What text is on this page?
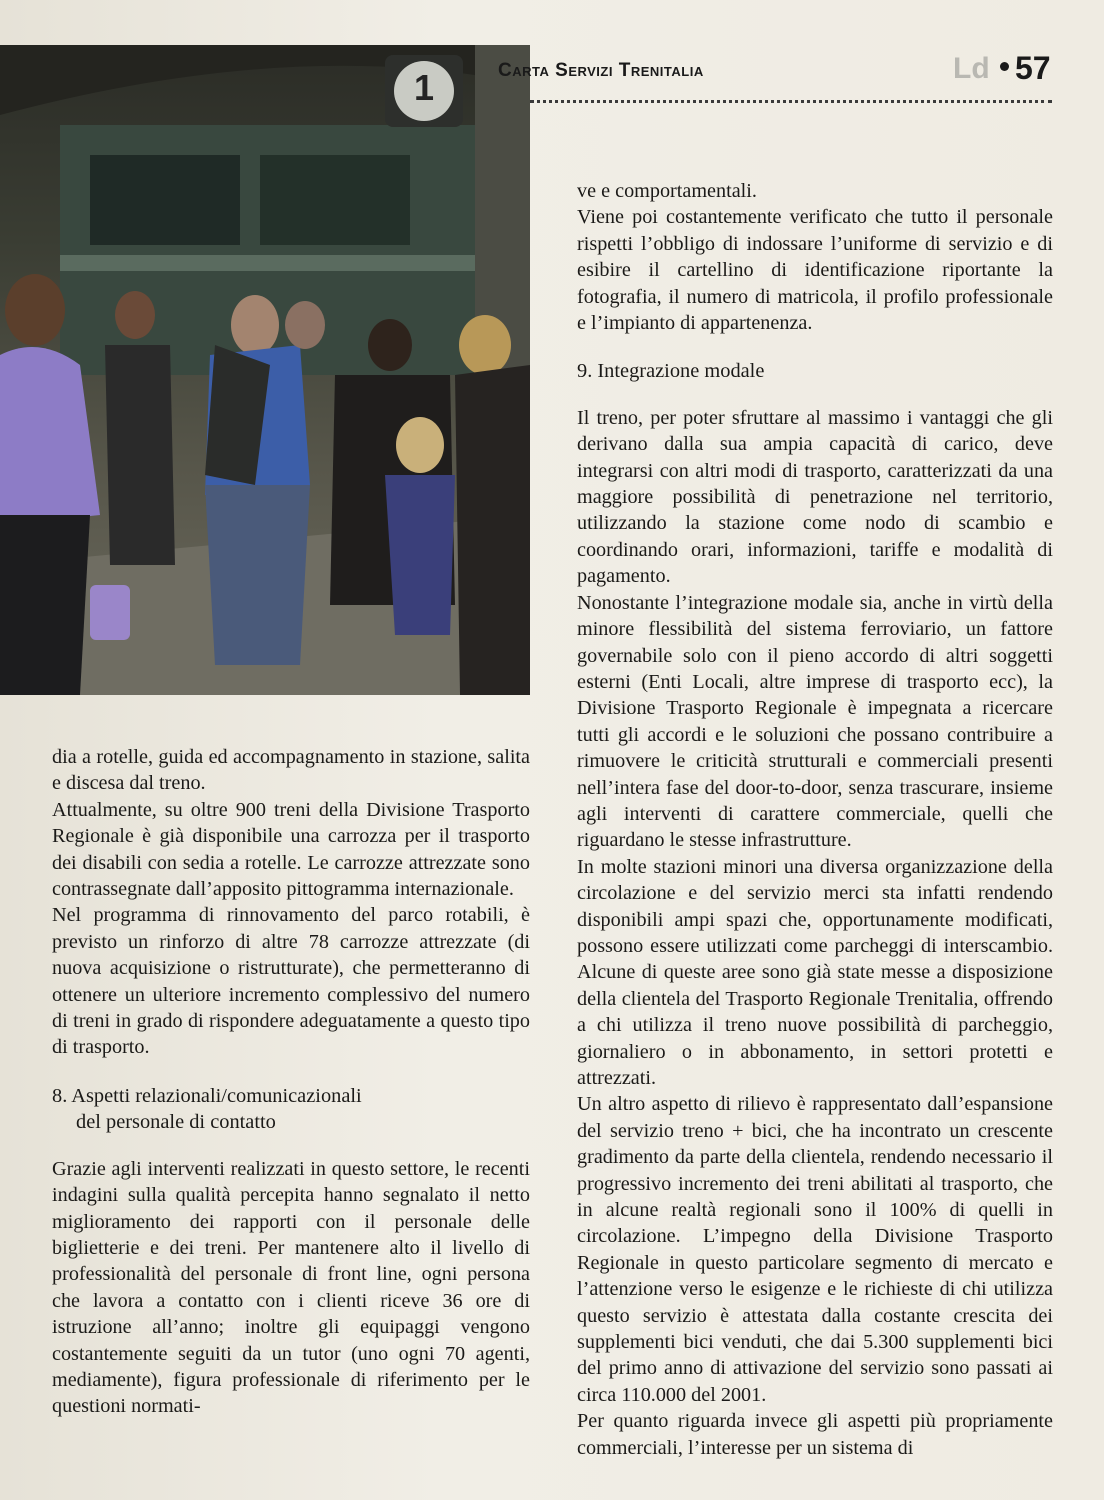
1	Carta Servizi Trenitalia	Ld 57

dia a rotelle, guida ed accompagnamento in stazione, salita e discesa dal treno.

Attualmente, su oltre 900 treni della Divisione Trasporto Regionale è già disponibile una carrozza per il trasporto dei disabili con sedia a rotelle. Le carrozze attrezzate sono contrassegnate dall’apposito pittogramma internazionale.

Nel programma di rinnovamento del parco rotabili, è previsto un rinforzo di altre 78 carrozze attrezzate (di nuova acquisizione o ristrutturate), che permetteranno di ottenere un ulteriore incremento complessivo del numero di treni in grado di rispondere adeguatamente a questo tipo di trasporto.

8. Aspetti relazionali/comunicazionali
del personale di contatto

Grazie agli interventi realizzati in questo settore, le recenti indagini sulla qualità percepita hanno segnalato il netto miglioramento dei rapporti con il personale delle biglietterie e dei treni. Per mantenere alto il livello di professionalità del personale di front line, ogni persona che lavora a contatto con i clienti riceve 36 ore di istruzione all’anno; inoltre gli equipaggi vengono costantemente seguiti da un tutor (uno ogni 70 agenti, mediamente), figura professionale di riferimento per le questioni normati-

ve e comportamentali.

Viene poi costantemente verificato che tutto il personale rispetti l’obbligo di indossare l’uniforme di servizio e di esibire il cartellino di identificazione riportante la fotografia, il numero di matricola, il profilo professionale e l’impianto di appartenenza.

9. Integrazione modale

Il treno, per poter sfruttare al massimo i vantaggi che gli derivano dalla sua ampia capacità di carico, deve integrarsi con altri modi di trasporto, caratterizzati da una maggiore possibilità di penetrazione nel territorio, utilizzando la stazione come nodo di scambio e coordinando orari, informazioni, tariffe e modalità di pagamento.

Nonostante l’integrazione modale sia, anche in virtù della minore flessibilità del sistema ferroviario, un fattore governabile solo con il pieno accordo di altri soggetti esterni (Enti Locali, altre imprese di trasporto ecc), la Divisione Trasporto Regionale è impegnata a ricercare tutti gli accordi e le soluzioni che possano contribuire a rimuovere le criticità strutturali e commerciali presenti nell’intera fase del door-to-door, senza trascurare, insieme agli interventi di carattere commerciale, quelli che riguardano le stesse infrastrutture.

In molte stazioni minori una diversa organizzazione della circolazione e del servizio merci sta infatti rendendo disponibili ampi spazi che, opportunamente modificati, possono essere utilizzati come parcheggi di interscambio. Alcune di queste aree sono già state messe a disposizione della clientela del Trasporto Regionale Trenitalia, offrendo a chi utilizza il treno nuove possibilità di parcheggio, giornaliero o in abbonamento, in settori protetti e attrezzati.

Un altro aspetto di rilievo è rappresentato dall’espansione del servizio treno + bici, che ha incontrato un crescente gradimento da parte della clientela, rendendo necessario il progressivo incremento dei treni abilitati al trasporto, che in alcune realtà regionali sono il 100% di quelli in circolazione. L’impegno della Divisione Trasporto Regionale in questo particolare segmento di mercato e l’attenzione verso le esigenze e le richieste di chi utilizza questo servizio è attestata dalla costante crescita dei supplementi bici venduti, che dai 5.300 supplementi bici del primo anno di attivazione del servizio sono passati ai circa 110.000 del 2001.

Per quanto riguarda invece gli aspetti più propriamente commerciali, l’interesse per un sistema di
